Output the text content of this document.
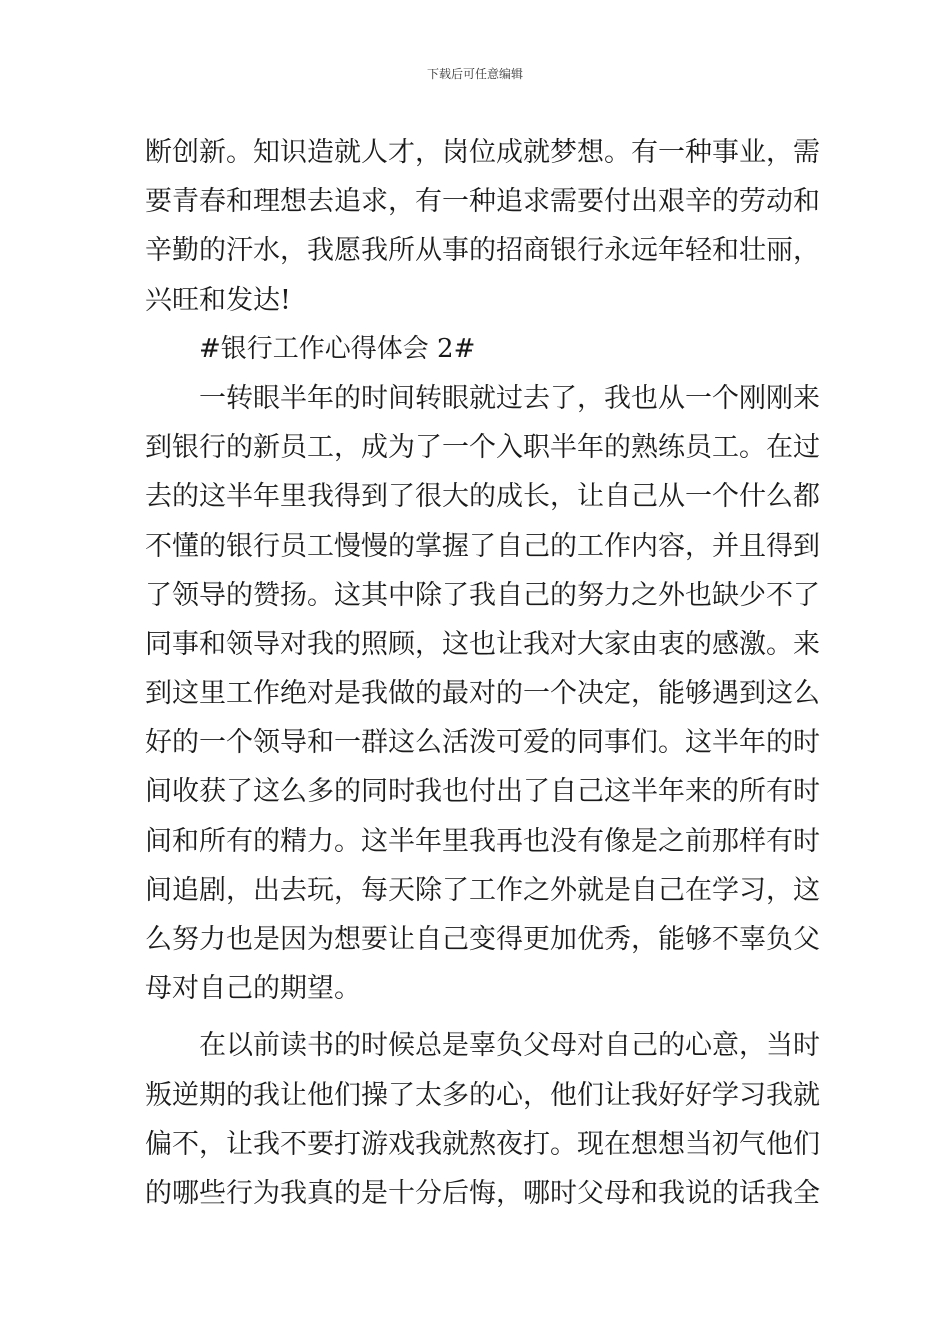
下载后可任意编辑
断创新。知识造就人才，岗位成就梦想。有一种事业，需
要青春和理想去追求，有一种追求需要付出艰辛的劳动和
辛勤的汗水，我愿我所从事的招商银行永远年轻和壮丽，
兴旺和发达!
#银行工作心得体会 2#
一转眼半年的时间转眼就过去了，我也从一个刚刚来
到银行的新员工，成为了一个入职半年的熟练员工。在过
去的这半年里我得到了很大的成长，让自己从一个什么都
不懂的银行员工慢慢的掌握了自己的工作内容，并且得到
了领导的赞扬。这其中除了我自己的努力之外也缺少不了
同事和领导对我的照顾，这也让我对大家由衷的感激。来
到这里工作绝对是我做的最对的一个决定，能够遇到这么
好的一个领导和一群这么活泼可爱的同事们。这半年的时
间收获了这么多的同时我也付出了自己这半年来的所有时
间和所有的精力。这半年里我再也没有像是之前那样有时
间追剧，出去玩，每天除了工作之外就是自己在学习，这
么努力也是因为想要让自己变得更加优秀，能够不辜负父
母对自己的期望。
在以前读书的时候总是辜负父母对自己的心意，当时
叛逆期的我让他们操了太多的心，他们让我好好学习我就
偏不，让我不要打游戏我就熬夜打。现在想想当初气他们
的哪些行为我真的是十分后悔，哪时父母和我说的话我全
